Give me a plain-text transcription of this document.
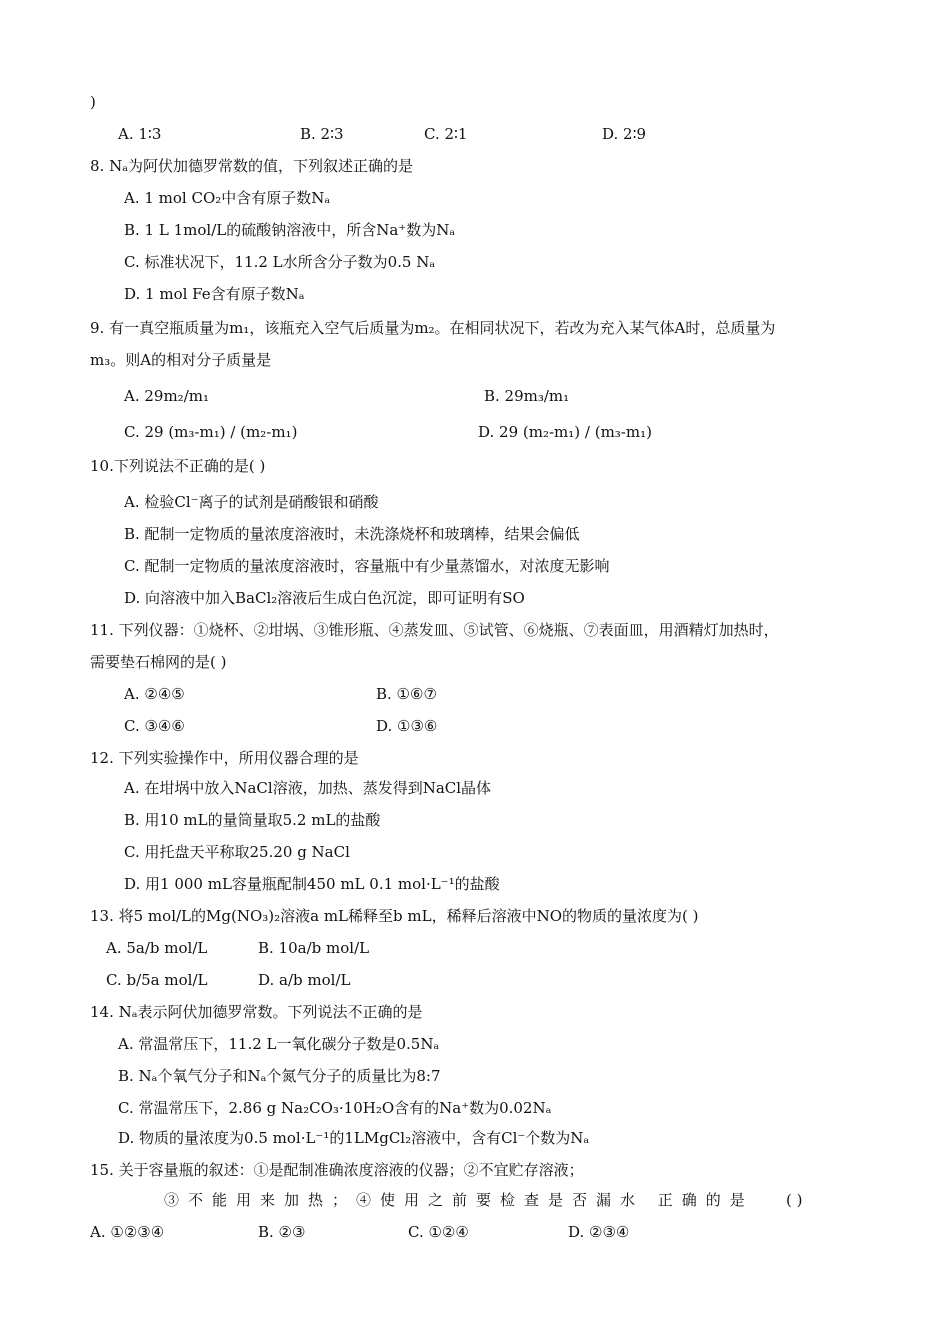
)
A. 1∶3	B. 2∶3	C. 2∶1	D. 2∶9
8. Nₐ为阿伏加德罗常数的值，下列叙述正确的是
A. 1 mol CO₂中含有原子数Nₐ
B. 1 L 1mol/L的硫酸钠溶液中，所含Na⁺数为Nₐ
C. 标准状况下，11.2 L水所含分子数为0.5 Nₐ
D. 1 mol Fe含有原子数Nₐ
9. 有一真空瓶质量为m₁，该瓶充入空气后质量为m₂。在相同状况下，若改为充入某气体A时，总质量为
m₃。则A的相对分子质量是
A. 29m₂/m₁	B. 29m₃/m₁
C. 29 (m₃-m₁) / (m₂-m₁)	D. 29 (m₂-m₁) / (m₃-m₁)
10.下列说法不正确的是( )
A. 检验Cl⁻离子的试剂是硝酸银和硝酸
B. 配制一定物质的量浓度溶液时，未洗涤烧杯和玻璃棒，结果会偏低
C. 配制一定物质的量浓度溶液时，容量瓶中有少量蒸馏水，对浓度无影响
D. 向溶液中加入BaCl₂溶液后生成白色沉淀，即可证明有SO
11. 下列仪器：①烧杯、②坩埚、③锥形瓶、④蒸发皿、⑤试管、⑥烧瓶、⑦表面皿，用酒精灯加热时，
需要垫石棉网的是( )
A. ②④⑤	B. ①⑥⑦
C. ③④⑥	D. ①③⑥
12. 下列实验操作中，所用仪器合理的是
A. 在坩埚中放入NaCl溶液，加热、蒸发得到NaCl晶体
B. 用10 mL的量筒量取5.2 mL的盐酸
C. 用托盘天平称取25.20 g NaCl
D. 用1 000 mL容量瓶配制450 mL 0.1 mol·L⁻¹的盐酸
13. 将5 mol/L的Mg(NO₃)₂溶液a mL稀释至b mL，稀释后溶液中NO的物质的量浓度为( )
A. 5a/b mol/L	B. 10a/b mol/L
C. b/5a mol/L	D. a/b mol/L
14. Nₐ表示阿伏加德罗常数。下列说法不正确的是
A. 常温常压下，11.2 L一氧化碳分子数是0.5Nₐ
B. Nₐ个氧气分子和Nₐ个氮气分子的质量比为8:7
C. 常温常压下，2.86 g Na₂CO₃·10H₂O含有的Na⁺数为0.02Nₐ
D. 物质的量浓度为0.5 mol·L⁻¹的1LMgCl₂溶液中，含有Cl⁻个数为Nₐ
15. 关于容量瓶的叙述：①是配制准确浓度溶液的仪器；②不宜贮存溶液；
③不能用来加热；④使用之前要检查是否漏水 正确的是 ( )
A. ①②③④	B. ②③	C. ①②④	D. ②③④
